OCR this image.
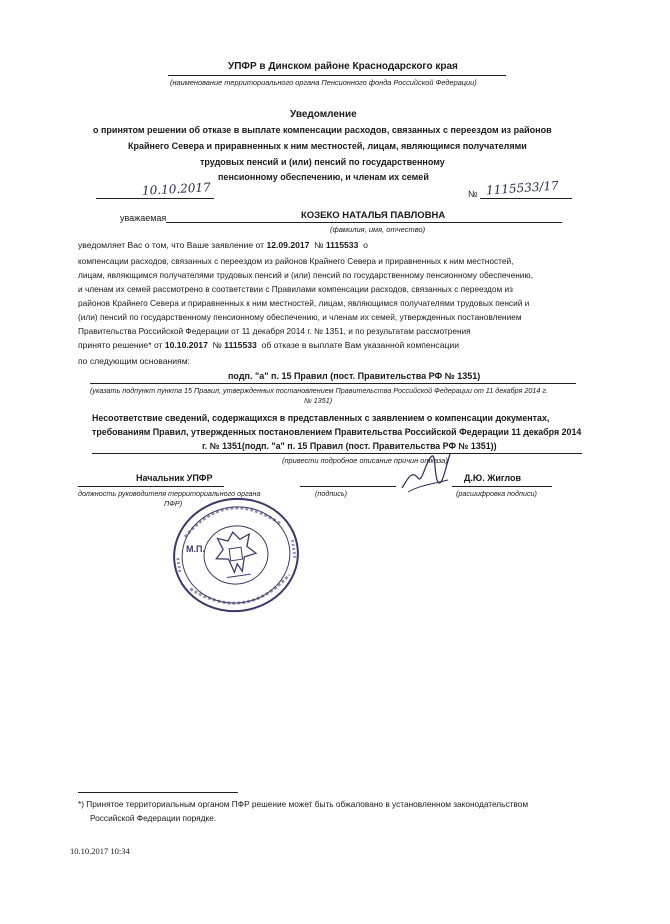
УПФР в Динском районе Краснодарского края
(наименование территориального органа Пенсионного фонда Российской Федерации)
Уведомление
о принятом решении об отказе в выплате компенсации расходов, связанных с переездом из районов
Крайнего Севера и приравненных к ним местностей, лицам, являющимся получателями
трудовых пенсий и (или) пенсий по государственному
пенсионному обеспечению, и членам их семей
10.10.2017	№ 1115533/17
уважаемая	КОЗЕКО НАТАЛЬЯ ПАВЛОВНА
(фамилия, имя, отчество)
уведомляет Вас о том, что Ваше заявление от 12.09.2017 № 1115533 о
компенсации расходов, связанных с переездом из районов Крайнего Севера и приравненных к ним местностей,
лицам, являющимся получателями трудовых пенсий и (или) пенсий по государственному пенсионному обеспечению,
и членам их семей рассмотрено в соответствии с Правилами компенсации расходов, связанных с переездом из
районов Крайнего Севера и приравненных к ним местностей, лицам, являющимся получателями трудовых пенсий и
(или) пенсий по государственному пенсионному обеспечению, и членам их семей, утвержденных постановлением
Правительства Российской Федерации от 11 декабря 2014 г. № 1351, и по результатам рассмотрения
принято решение* от 10.10.2017 № 1115533 об отказе в выплате Вам указанной компенсации
по следующим основаниям:
подп. "а" п. 15 Правил (пост. Правительства РФ № 1351)
(указать подпункт пункта 15 Правил, утвержденных постановлением Правительства Российской Федерации от 11 декабря 2014 г.
№ 1351)
Несоответствие сведений, содержащихся в представленных с заявлением о компенсации документах,
требованиям Правил, утвержденных постановлением Правительства Российской Федерации 11 декабря 2014
г. № 1351(подп. "а" п. 15 Правил (пост. Правительства РФ № 1351))
(привести подробное описание причин отказа)
Начальник УПФР	Д.Ю. Жиглов
должность руководителя территориального органа
ПФР)
(подпись)	(расшифровка подписи)
М.П.
*) Принятое территориальным органом ПФР решение может быть обжаловано в установленном законодательством
Российской Федерации порядке.
10.10.2017 10:34
